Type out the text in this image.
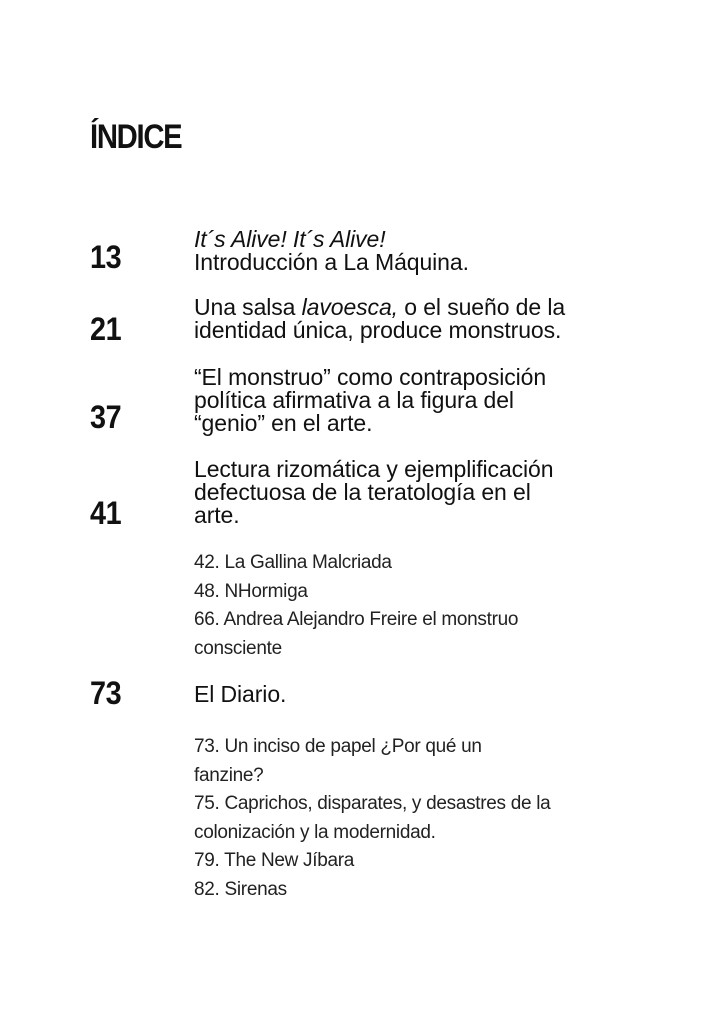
ÍNDICE
13	It´s Alive! It´s Alive!
Introducción a La Máquina.
21
Una salsa lavoesca, o el sueño de la
identidad única, produce monstruos.
37
“El monstruo” como contraposición
política afirmativa a la figura del
“genio” en el arte.
41
Lectura rizomática y ejemplificación
defectuosa de la teratología en el
arte.
42. La Gallina Malcriada
48. NHormiga
66. Andrea Alejandro Freire el monstruo
consciente
73	El Diario.
73. Un inciso de papel ¿Por qué un
fanzine?
75. Caprichos, disparates, y desastres de la
colonización y la modernidad.
79. The New Jíbara
82. Sirenas
